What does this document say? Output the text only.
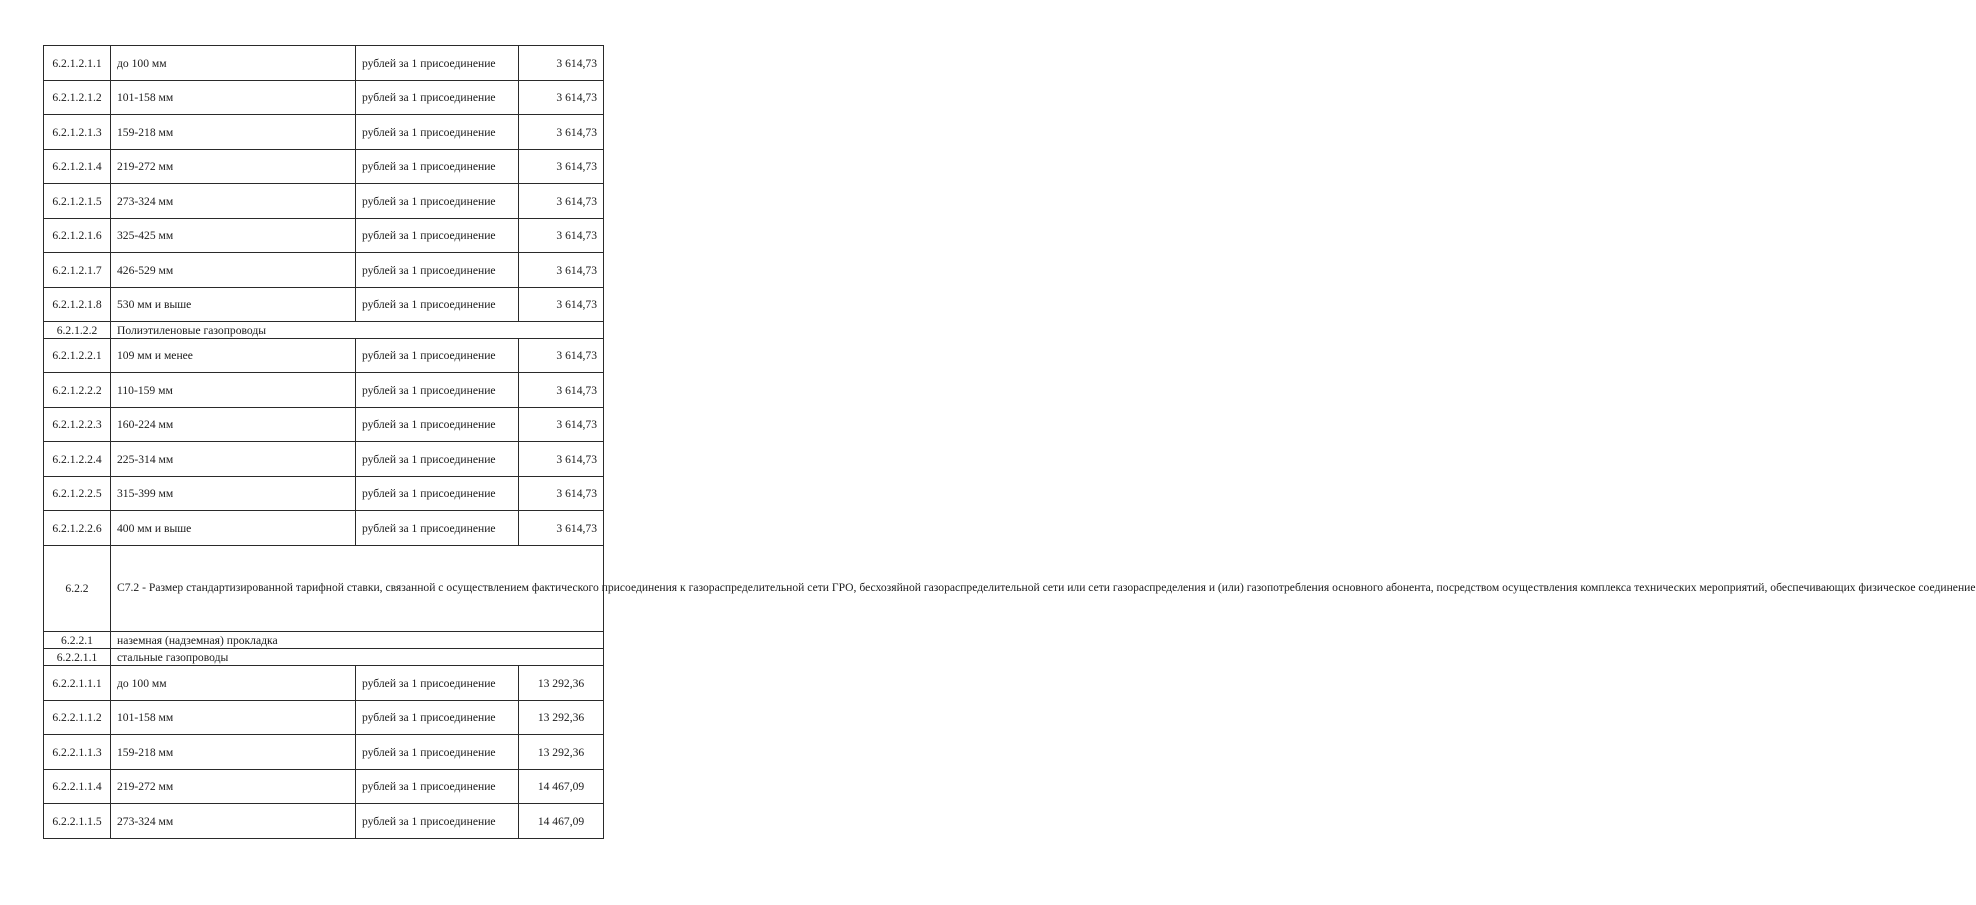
6.2.1.2.1.1	до 100 мм	рублей за 1 присоединение	3 614,73
6.2.1.2.1.2	101-158 мм	рублей за 1 присоединение	3 614,73
6.2.1.2.1.3	159-218 мм	рублей за 1 присоединение	3 614,73
6.2.1.2.1.4	219-272 мм	рублей за 1 присоединение	3 614,73
6.2.1.2.1.5	273-324 мм	рублей за 1 присоединение	3 614,73
6.2.1.2.1.6	325-425 мм	рублей за 1 присоединение	3 614,73
6.2.1.2.1.7	426-529 мм	рублей за 1 присоединение	3 614,73
6.2.1.2.1.8	530 мм и выше	рублей за 1 присоединение	3 614,73
6.2.1.2.2	Полиэтиленовые газопроводы		
6.2.1.2.2.1	109 мм и менее	рублей за 1 присоединение	3 614,73
6.2.1.2.2.2	110-159 мм	рублей за 1 присоединение	3 614,73
6.2.1.2.2.3	160-224 мм	рублей за 1 присоединение	3 614,73
6.2.1.2.2.4	225-314 мм	рублей за 1 присоединение	3 614,73
6.2.1.2.2.5	315-399 мм	рублей за 1 присоединение	3 614,73
6.2.1.2.2.6	400 мм и выше	рублей за 1 присоединение	3 614,73
6.2.2	С7.2 - Размер стандартизированной тарифной ставки, связанной с осуществлением фактического присоединения к газораспределительной сети ГРО, бесхозяйной газораспределительной сети или сети газораспределения и (или) газопотребления основного абонента, посредством осуществления комплекса технических мероприятий, обеспечивающих физическое соединение		
6.2.2.1	наземная (надземная) прокладка		
6.2.2.1.1	стальные газопроводы		
6.2.2.1.1.1	до 100 мм	рублей за 1 присоединение	13 292,36
6.2.2.1.1.2	101-158 мм	рублей за 1 присоединение	13 292,36
6.2.2.1.1.3	159-218 мм	рублей за 1 присоединение	13 292,36
6.2.2.1.1.4	219-272 мм	рублей за 1 присоединение	14 467,09
6.2.2.1.1.5	273-324 мм	рублей за 1 присоединение	14 467,09
